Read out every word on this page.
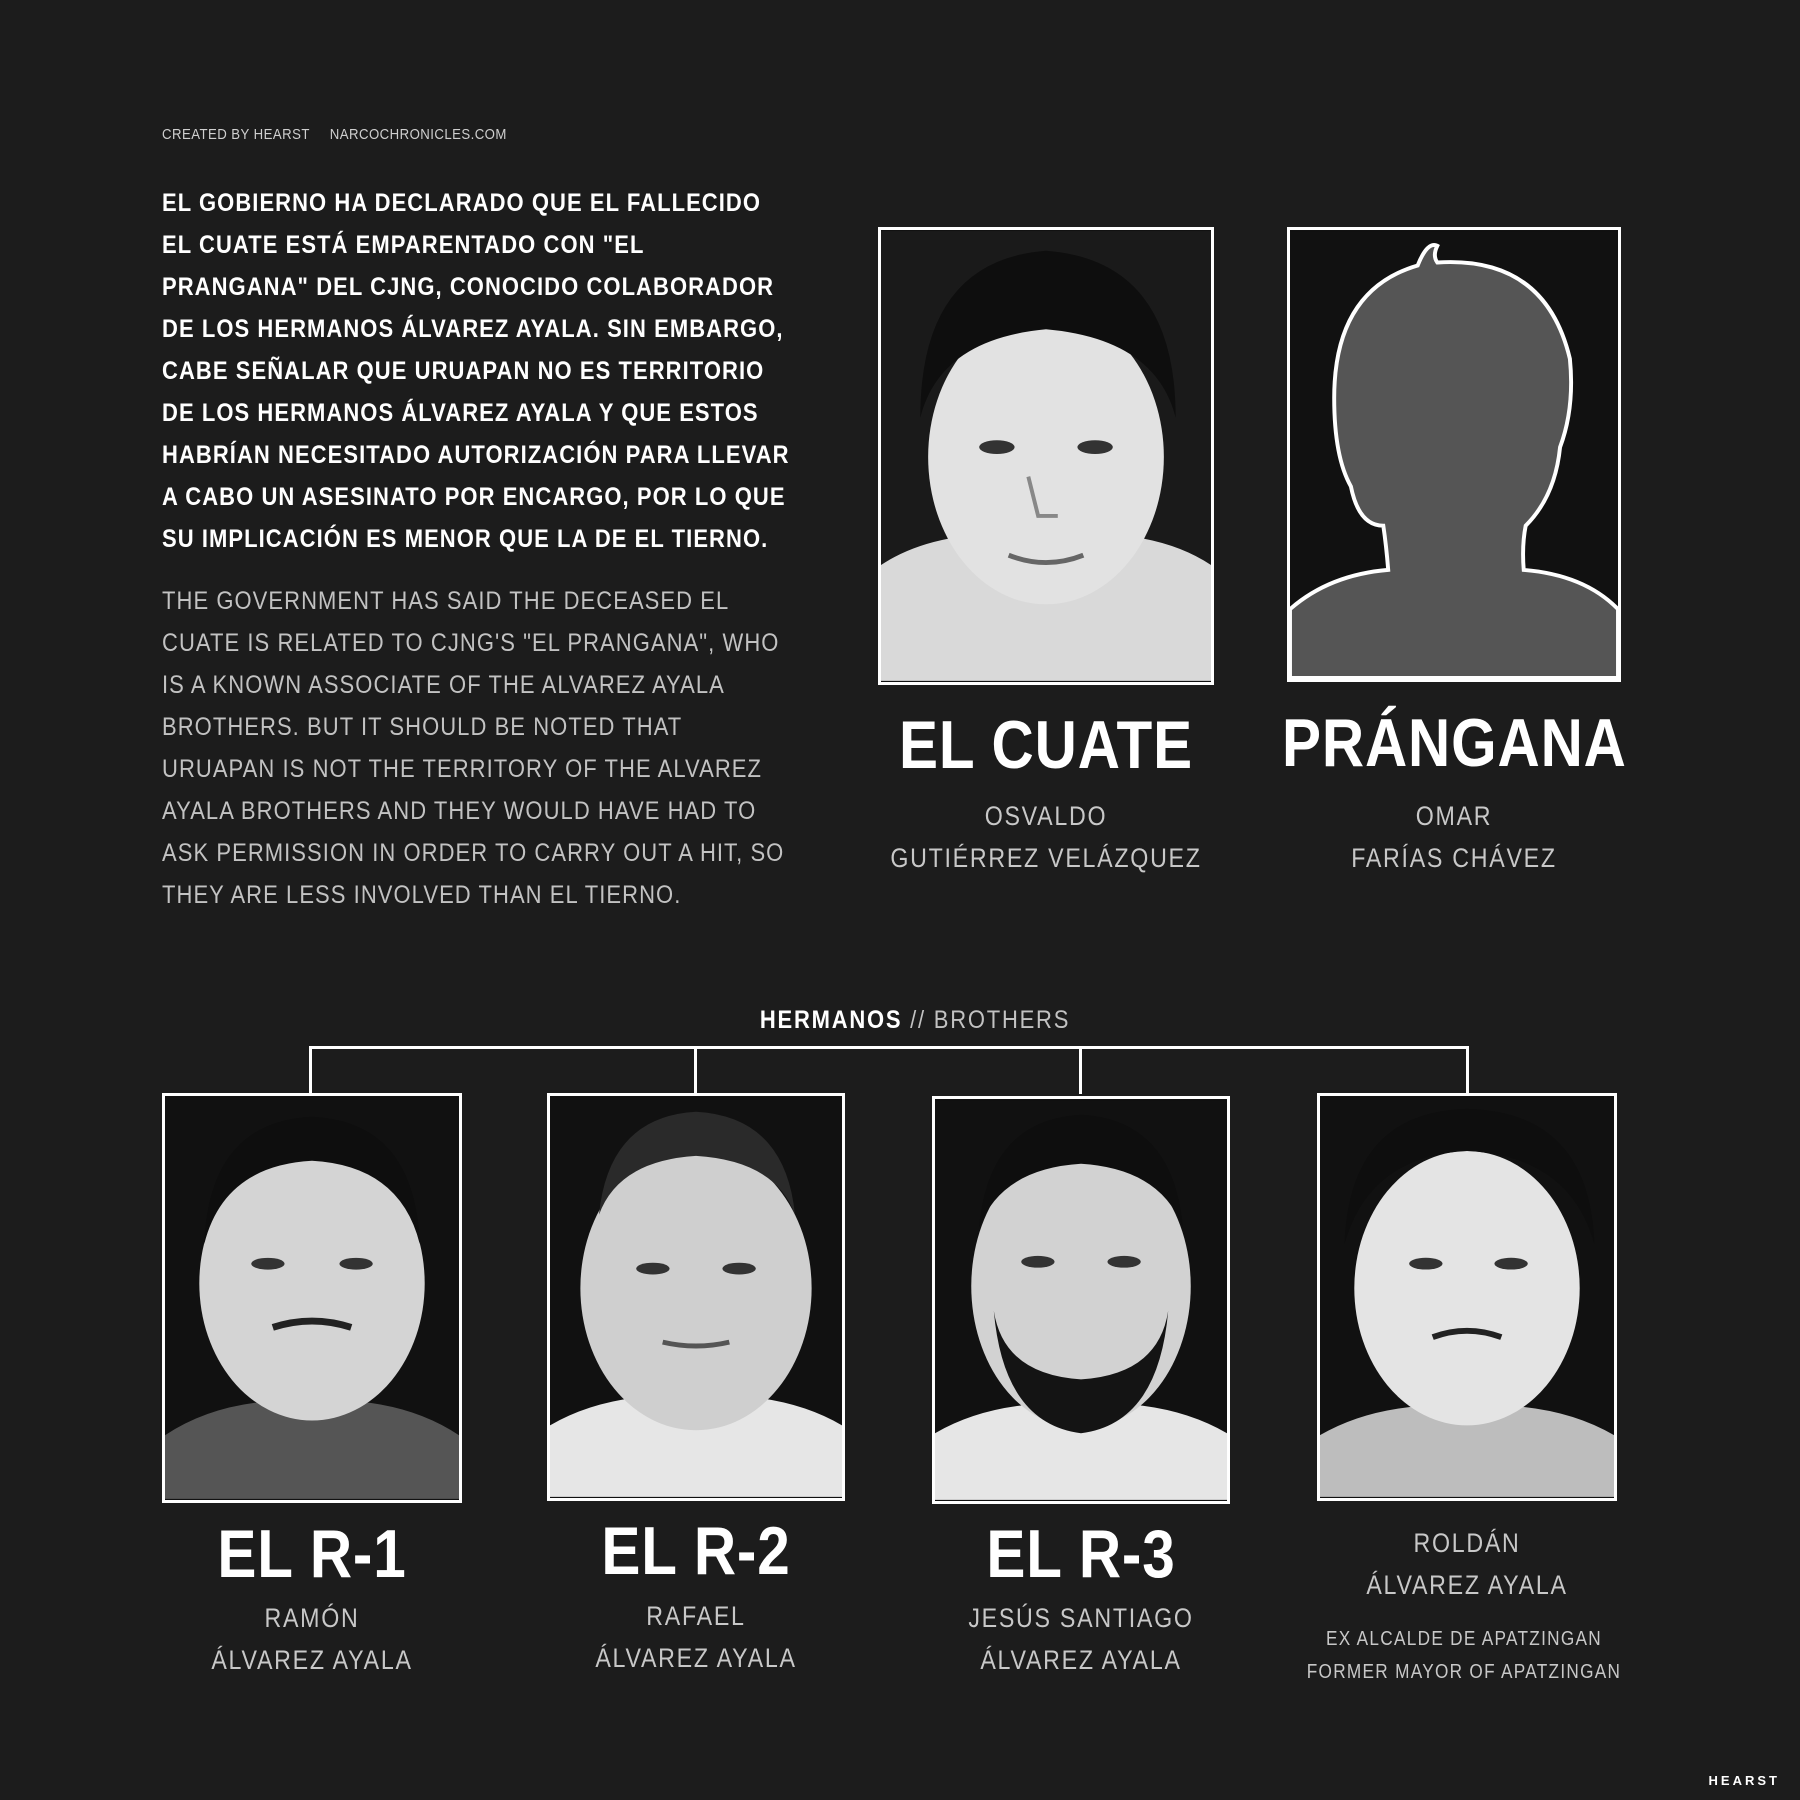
CREATED BY HEARST NARCOCHRONICLES.COM
EL GOBIERNO HA DECLARADO QUE EL FALLECIDO EL CUATE ESTÁ EMPARENTADO CON "EL PRANGANA" DEL CJNG, CONOCIDO COLABORADOR DE LOS HERMANOS ÁLVAREZ AYALA. SIN EMBARGO, CABE SEÑALAR QUE URUAPAN NO ES TERRITORIO DE LOS HERMANOS ÁLVAREZ AYALA Y QUE ESTOS HABRÍAN NECESITADO AUTORIZACIÓN PARA LLEVAR A CABO UN ASESINATO POR ENCARGO, POR LO QUE SU IMPLICACIÓN ES MENOR QUE LA DE EL TIERNO.
THE GOVERNMENT HAS SAID THE DECEASED EL CUATE IS RELATED TO CJNG'S "EL PRANGANA", WHO IS A KNOWN ASSOCIATE OF THE ALVAREZ AYALA BROTHERS. BUT IT SHOULD BE NOTED THAT URUAPAN IS NOT THE TERRITORY OF THE ALVAREZ AYALA BROTHERS AND THEY WOULD HAVE HAD TO ASK PERMISSION IN ORDER TO CARRY OUT A HIT, SO THEY ARE LESS INVOLVED THAN EL TIERNO.
EL CUATE
OSVALDO
GUTIÉRREZ VELÁZQUEZ
PRÁNGANA
OMAR
FARÍAS CHÁVEZ
HERMANOS // BROTHERS
EL R-1
RAMÓN
ÁLVAREZ AYALA
EL R-2
RAFAEL
ÁLVAREZ AYALA
EL R-3
JESÚS SANTIAGO
ÁLVAREZ AYALA
ROLDÁN
ÁLVAREZ AYALA
EX ALCALDE DE APATZINGAN
FORMER MAYOR OF APATZINGAN
HEARST
